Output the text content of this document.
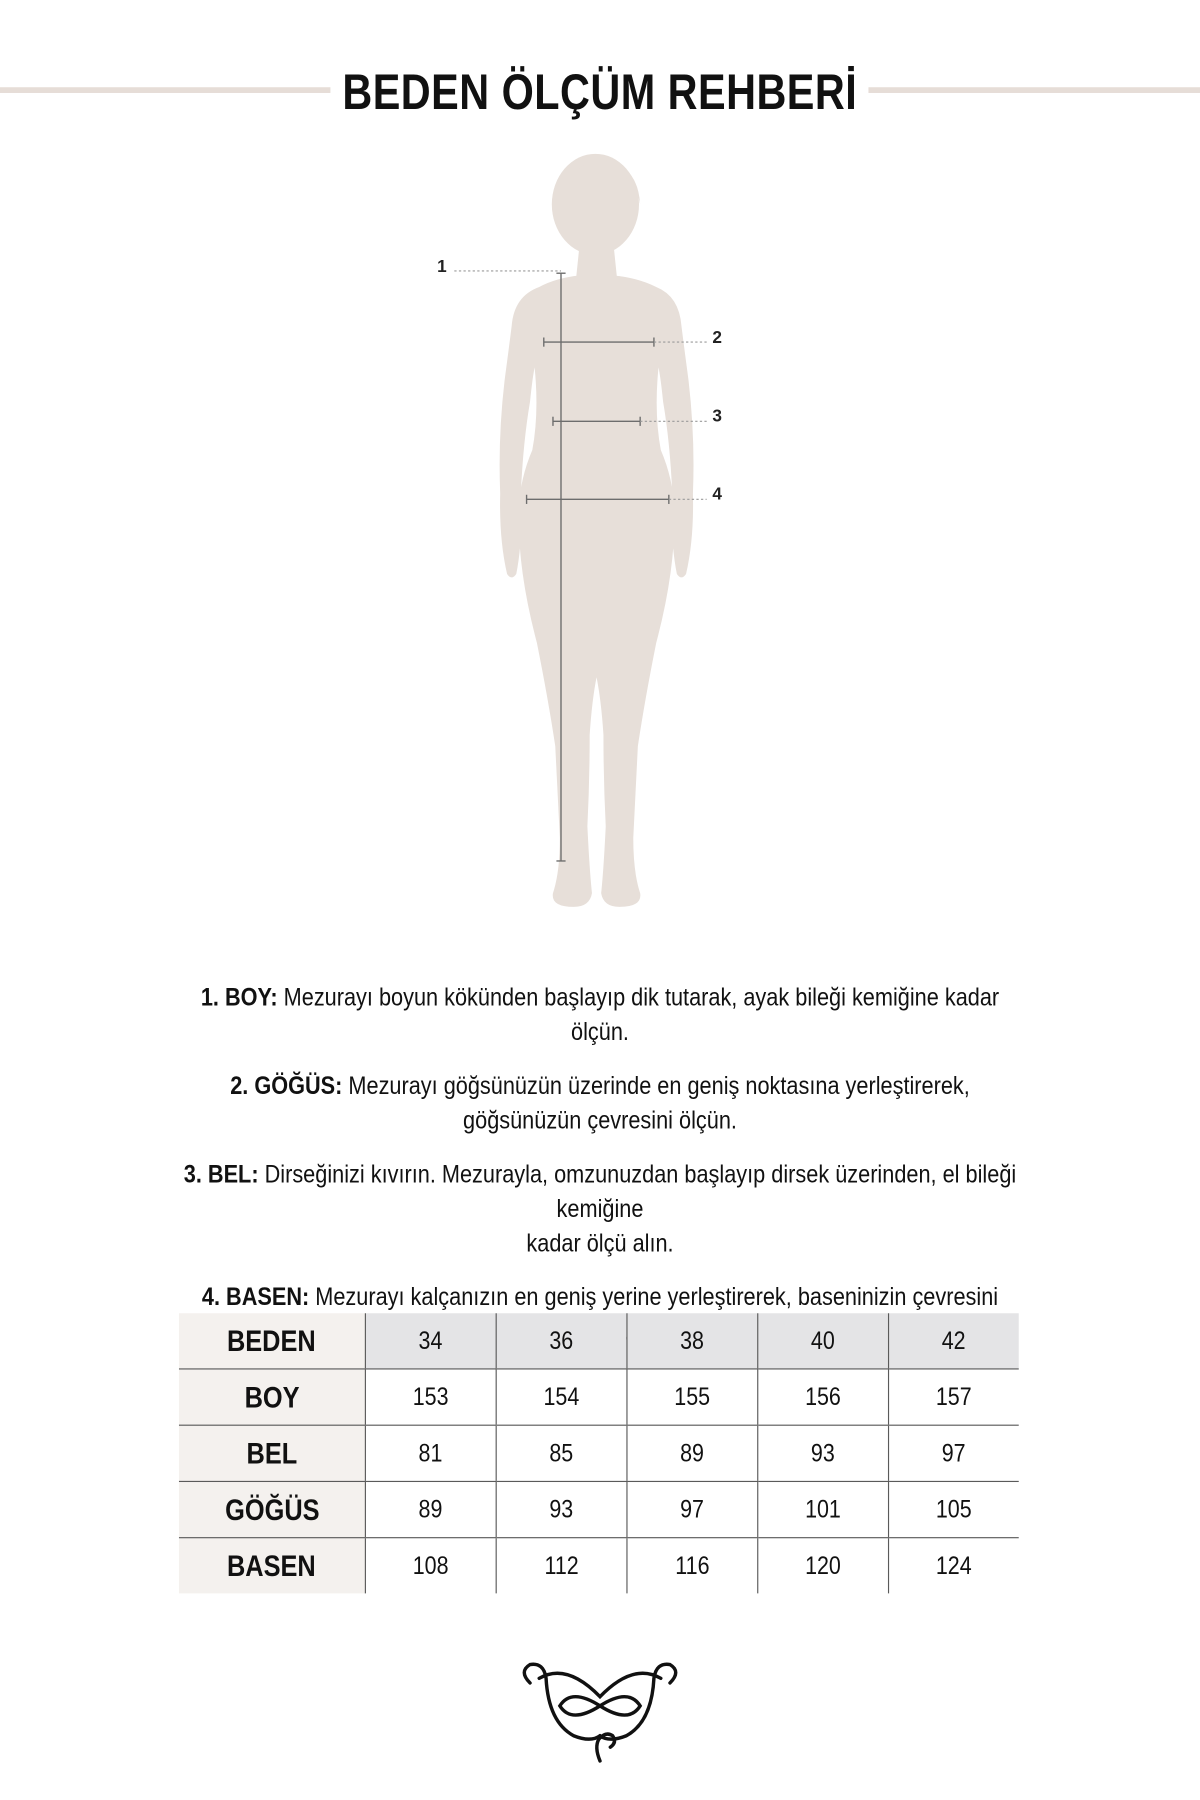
BEDEN ÖLÇÜM REHBERİ
1
2
3
4
1. BOY: Mezurayı boyun kökünden başlayıp dik tutarak, ayak bileği kemiğine kadar ölçün.
2. GÖĞÜS: Mezurayı göğsünüzün üzerinde en geniş noktasına yerleştirerek,
göğsünüzün çevresini ölçün.
3. BEL: Dirseğinizi kıvırın. Mezurayla, omzunuzdan başlayıp dirsek üzerinden, el bileği kemiğine
kadar ölçü alın.
4. BASEN: Mezurayı kalçanızın en geniş yerine yerleştirerek, baseninizin çevresini
BEDEN	34	36	38	40	42
BOY	153	154	155	156	157
BEL	81	85	89	93	97
GÖĞÜS	89	93	97	101	105
BASEN	108	112	116	120	124
